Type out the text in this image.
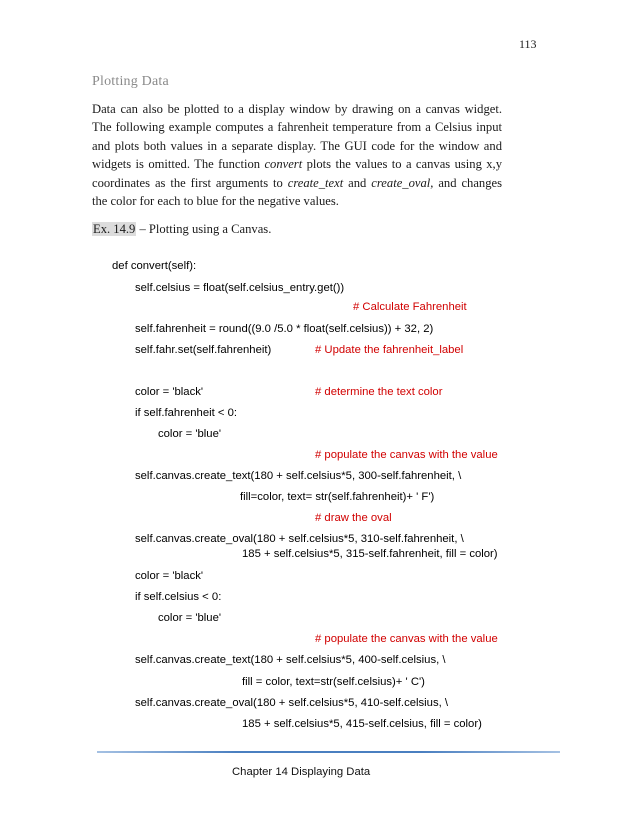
113
Plotting Data
Data can also be plotted to a display window by drawing on a canvas widget. The following example computes a fahrenheit temperature from a Celsius input and plots both values in a separate display. The GUI code for the window and widgets is omitted. The function convert plots the values to a canvas using x,y coordinates as the first arguments to create_text and create_oval, and changes the color for each to blue for the negative values.
Ex. 14.9 – Plotting using a Canvas.
def convert(self):
self.celsius = float(self.celsius_entry.get())
# Calculate Fahrenheit
self.fahrenheit = round((9.0 /5.0 * float(self.celsius)) + 32, 2)
self.fahr.set(self.fahrenheit)	# Update the fahrenheit_label
color = 'black'	# determine the text color
if self.fahrenheit < 0:
color = 'blue'
# populate the canvas with the value
self.canvas.create_text(180 + self.celsius*5, 300-self.fahrenheit, \
fill=color, text= str(self.fahrenheit)+ ' F')
# draw the oval
self.canvas.create_oval(180 + self.celsius*5, 310-self.fahrenheit, \
185 + self.celsius*5, 315-self.fahrenheit, fill = color)
color = 'black'
if self.celsius < 0:
color = 'blue'
# populate the canvas with the value
self.canvas.create_text(180 + self.celsius*5, 400-self.celsius, \
fill = color, text=str(self.celsius)+ ' C')
self.canvas.create_oval(180 + self.celsius*5, 410-self.celsius, \
185 + self.celsius*5, 415-self.celsius, fill = color)
Chapter 14 Displaying Data
